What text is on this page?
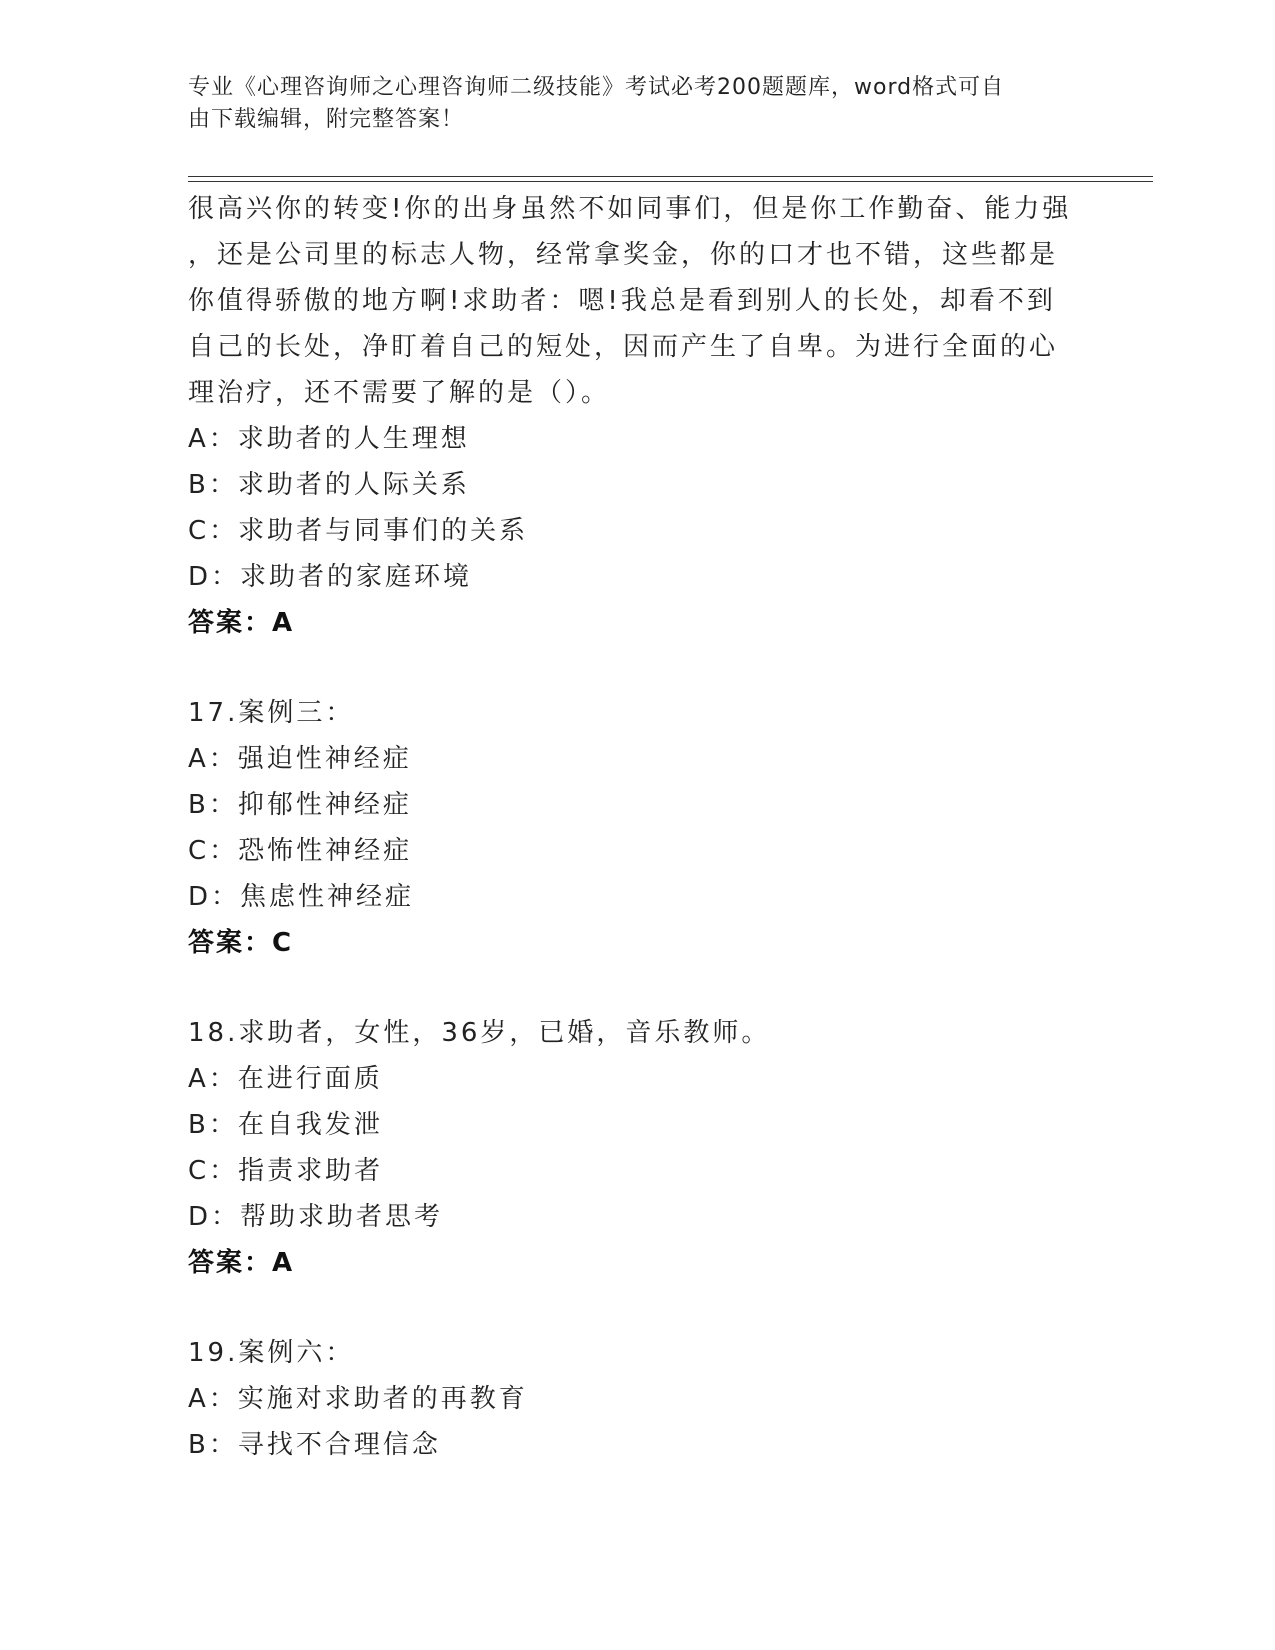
专业《心理咨询师之心理咨询师二级技能》考试必考200题题库，word格式可自
由下载编辑，附完整答案！
很高兴你的转变!你的出身虽然不如同事们，但是你工作勤奋、能力强
，还是公司里的标志人物，经常拿奖金，你的口才也不错，这些都是
你值得骄傲的地方啊!求助者：嗯!我总是看到别人的长处，却看不到
自己的长处，净盯着自己的短处，因而产生了自卑。为进行全面的心
理治疗，还不需要了解的是（）。
A：求助者的人生理想
B：求助者的人际关系
C：求助者与同事们的关系
D：求助者的家庭环境
答案：A
17.案例三：
A：强迫性神经症
B：抑郁性神经症
C：恐怖性神经症
D：焦虑性神经症
答案：C
18.求助者，女性，36岁，已婚，音乐教师。
A：在进行面质
B：在自我发泄
C：指责求助者
D：帮助求助者思考
答案：A
19.案例六：
A：实施对求助者的再教育
B：寻找不合理信念
